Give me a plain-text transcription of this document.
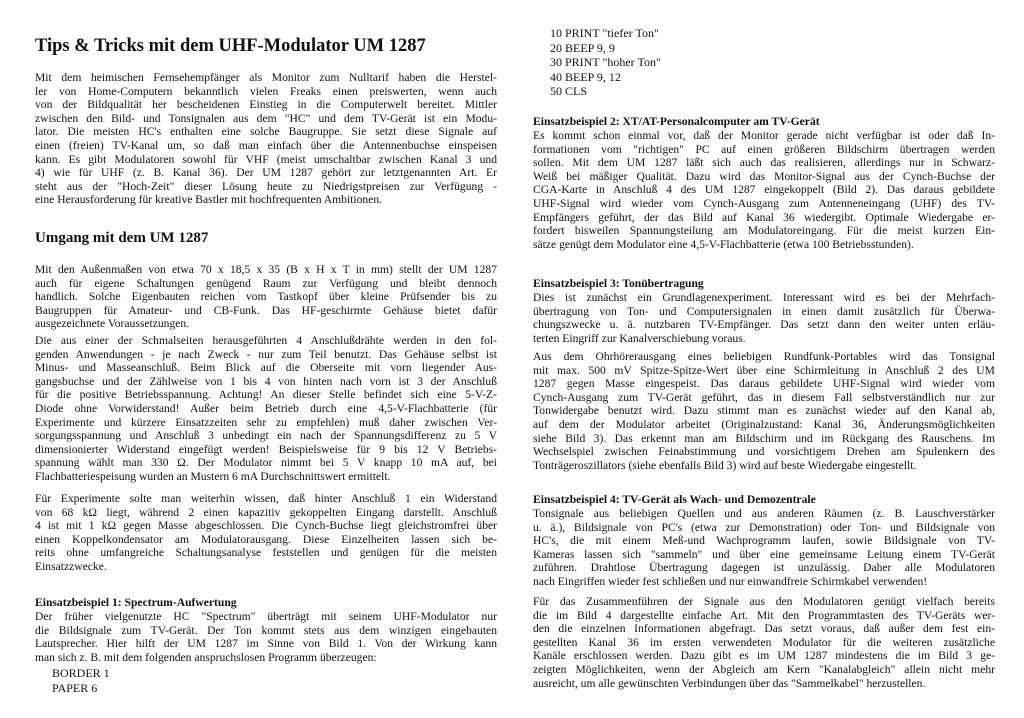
Tips & Tricks mit dem UHF-Modulator UM 1287
Mit dem heimischen Fernsehempfänger als Monitor zum Nulltarif haben die Herstel-
ler von Home-Computern bekanntlich vielen Freaks einen preiswerten, wenn auch
von der Bildqualität her bescheidenen Einstieg in die Computerwelt bereitet. Mittler
zwischen den Bild- und Tonsignalen aus dem "HC" und dem TV-Gerät ist ein Modu-
lator. Die meisten HC's enthalten eine solche Baugruppe. Sie setzt diese Signale auf
einen (freien) TV-Kanal um, so daß man einfach über die Antennenbuchse einspeisen
kann. Es gibt Modulatoren sowohl für VHF (meist umschaltbar zwischen Kanal 3 und
4) wie für UHF (z. B. Kanal 36). Der UM 1287 gehört zur letztgenannten Art. Er
steht aus der "Hoch-Zeit" dieser Lösung heute zu Niedrigstpreisen zur Verfügung -
eine Herausforderung für kreative Bastler mit hochfrequenten Ambitionen.
Umgang mit dem UM 1287
Mit den Außenmaßen von etwa 70 x 18,5 x 35 (B x H x T in mm) stellt der UM 1287
auch für eigene Schaltungen genügend Raum zur Verfügung und bleibt dennoch
handlich. Solche Eigenbauten reichen vom Tastkopf über kleine Prüfsender bis zu
Baugruppen für Amateur- und CB-Funk. Das HF-geschirmte Gehäuse bietet dafür
ausgezeichnete Voraussetzungen.
Die aus einer der Schmalseiten herausgeführten 4 Anschlußdrähte werden in den fol-
genden Anwendungen - je nach Zweck - nur zum Teil benutzt. Das Gehäuse selbst ist
Minus- und Masseanschluß. Beim Blick auf die Oberseite mit vorn liegender Aus-
gangsbuchse und der Zählweise von 1 bis 4 von hinten nach vorn ist 3 der Anschluß
für die positive Betriebsspannung. Achtung! An dieser Stelle befindet sich eine 5-V-Z-
Diode ohne Vorwiderstand! Außer beim Betrieb durch eine 4,5-V-Flachbatterie (für
Experimente und kürzere Einsatzzeiten sehr zu empfehlen) muß daher zwischen Ver-
sorgungsspannung und Anschluß 3 unbedingt ein nach der Spannungsdifferenz zu 5 V
dimensionierter Widerstand eingefügt werden! Beispielsweise für 9 bis 12 V Betriebs-
spannung wählt man 330 Ω. Der Modulator nimmt bei 5 V knapp 10 mA auf, bei
Flachbatteriespeisung wurden an Mustern 6 mA Durchschnittswert ermittelt.
Für Experimente solte man weiterhin wissen, daß hinter Anschluß 1 ein Widerstand
von 68 kΩ liegt, während 2 einen kapazitiv gekoppelten Eingang darstellt. Anschluß
4 ist mit 1 kΩ gegen Masse abgeschlossen. Die Cynch-Buchse liegt gleichstromfrei über
einen Koppelkondensator am Modulatorausgang. Diese Einzelheiten lassen sich be-
reits ohne umfangreiche Schaltungsanalyse feststellen und genügen für die meisten
Einsatzzwecke.
Einsatzbeispiel 1: Spectrum-Aufwertung
Der früher vielgenutzte HC "Spectrum" überträgt mit seinem UHF-Modulator nur
die Bildsignale zum TV-Gerät. Der Ton kommt stets aus dem winzigen eingebauten
Lautsprecher. Hier hilft der UM 1287 im Sinne von Bild 1. Von der Wirkung kann
man sich z. B. mit dem folgenden anspruchslosen Programm überzeugen:
BORDER 1
PAPER 6
10 PRINT "tiefer Ton"
20 BEEP 9, 9
30 PRINT "hoher Ton"
40 BEEP 9, 12
50 CLS
Einsatzbeispiel 2: XT/AT-Personalcomputer am TV-Gerät
Es kommt schon einmal vor, daß der Monitor gerade nicht verfügbar ist oder daß In-
formationen vom "richtigen" PC auf einen größeren Bildschirm übertragen werden
sollen. Mit dem UM 1287 läßt sich auch das realisieren, allerdings nur in Schwarz-
Weiß bei mäßiger Qualität. Dazu wird das Monitor-Signal aus der Cynch-Buchse der
CGA-Karte in Anschluß 4 des UM 1287 eingekoppelt (Bild 2). Das daraus gebildete
UHF-Signal wird wieder vom Cynch-Ausgang zum Antenneneingang (UHF) des TV-
Empfängers geführt, der das Bild auf Kanal 36 wiedergibt. Optimale Wiedergabe er-
fordert bisweilen Spannungsteilung am Modulatoreingang. Für die meist kurzen Ein-
sätze genügt dem Modulator eine 4,5-V-Flachbatterie (etwa 100 Betriebsstunden).
Einsatzbeispiel 3: Tonübertragung
Dies ist zunächst ein Grundlagenexperiment. Interessant wird es bei der Mehrfach-
übertragung von Ton- und Computersignalen in einen damit zusätzlich für Überwa-
chungszwecke u. ä. nutzbaren TV-Empfänger. Das setzt dann den weiter unten erläu-
terten Eingriff zur Kanalverschiebung voraus.
Aus dem Ohrhörerausgang eines beliebigen Rundfunk-Portables wird das Tonsignal
mit max. 500 mV Spitze-Spitze-Wert über eine Schirmleitung in Anschluß 2 des UM
1287 gegen Masse eingespeist. Das daraus gebildete UHF-Signal wird wieder vom
Cynch-Ausgang zum TV-Gerät geführt, das in diesem Fall selbstverständlich nur zur
Tonwidergabe benutzt wird. Dazu stimmt man es zunächst wieder auf den Kanal ab,
auf dem der Modulator arbeitet (Originalzustand: Kanal 36, Änderungsmöglichkeiten
siehe Bild 3). Das erkennt man am Bildschirm und im Rückgang des Rauschens. Im
Wechselspiel zwischen Feinabstimmung und vorsichtigem Drehen am Spulenkern des
Tonträgeroszillators (siehe ebenfalls Bild 3) wird auf beste Wiedergabe eingestellt.
Einsatzbeispiel 4: TV-Gerät als Wach- und Demozentrale
Tonsignale aus beliebigen Quellen und aus anderen Räumen (z. B. Lauschverstärker
u. ä.), Bildsignale von PC's (etwa zur Demonstration) oder Ton- und Bildsignale von
HC's, die mit einem Meß-und Wachprogramm laufen, sowie Bildsignale von TV-
Kameras lassen sich "sammeln" und über eine gemeinsame Leitung einem TV-Gerät
zuführen. Drahtlose Übertragung dagegen ist unzulässig. Daher alle Modulatoren
nach Eingriffen wieder fest schließen und nur einwandfreie Schirmkabel verwenden!
Für das Zusammenführen der Signale aus den Modulatoren genügt vielfach bereits
die im Bild 4 dargestellte einfache Art. Mit den Programmtasten des TV-Geräts wer-
den die einzelnen Informationen abgefragt. Das setzt voraus, daß außer dem fest ein-
gestellten Kanal 36 im ersten verwendeten Modulator für die weiteren zusätzliche
Kanäle erschlossen werden. Dazu gibt es im UM 1287 mindestens die im Bild 3 ge-
zeigten Möglichkeiten, wenn der Abgleich am Kern "Kanalabgleich" allein nicht mehr
ausreicht, um alle gewünschten Verbindungen über das "Sammelkabel" herzustellen.
